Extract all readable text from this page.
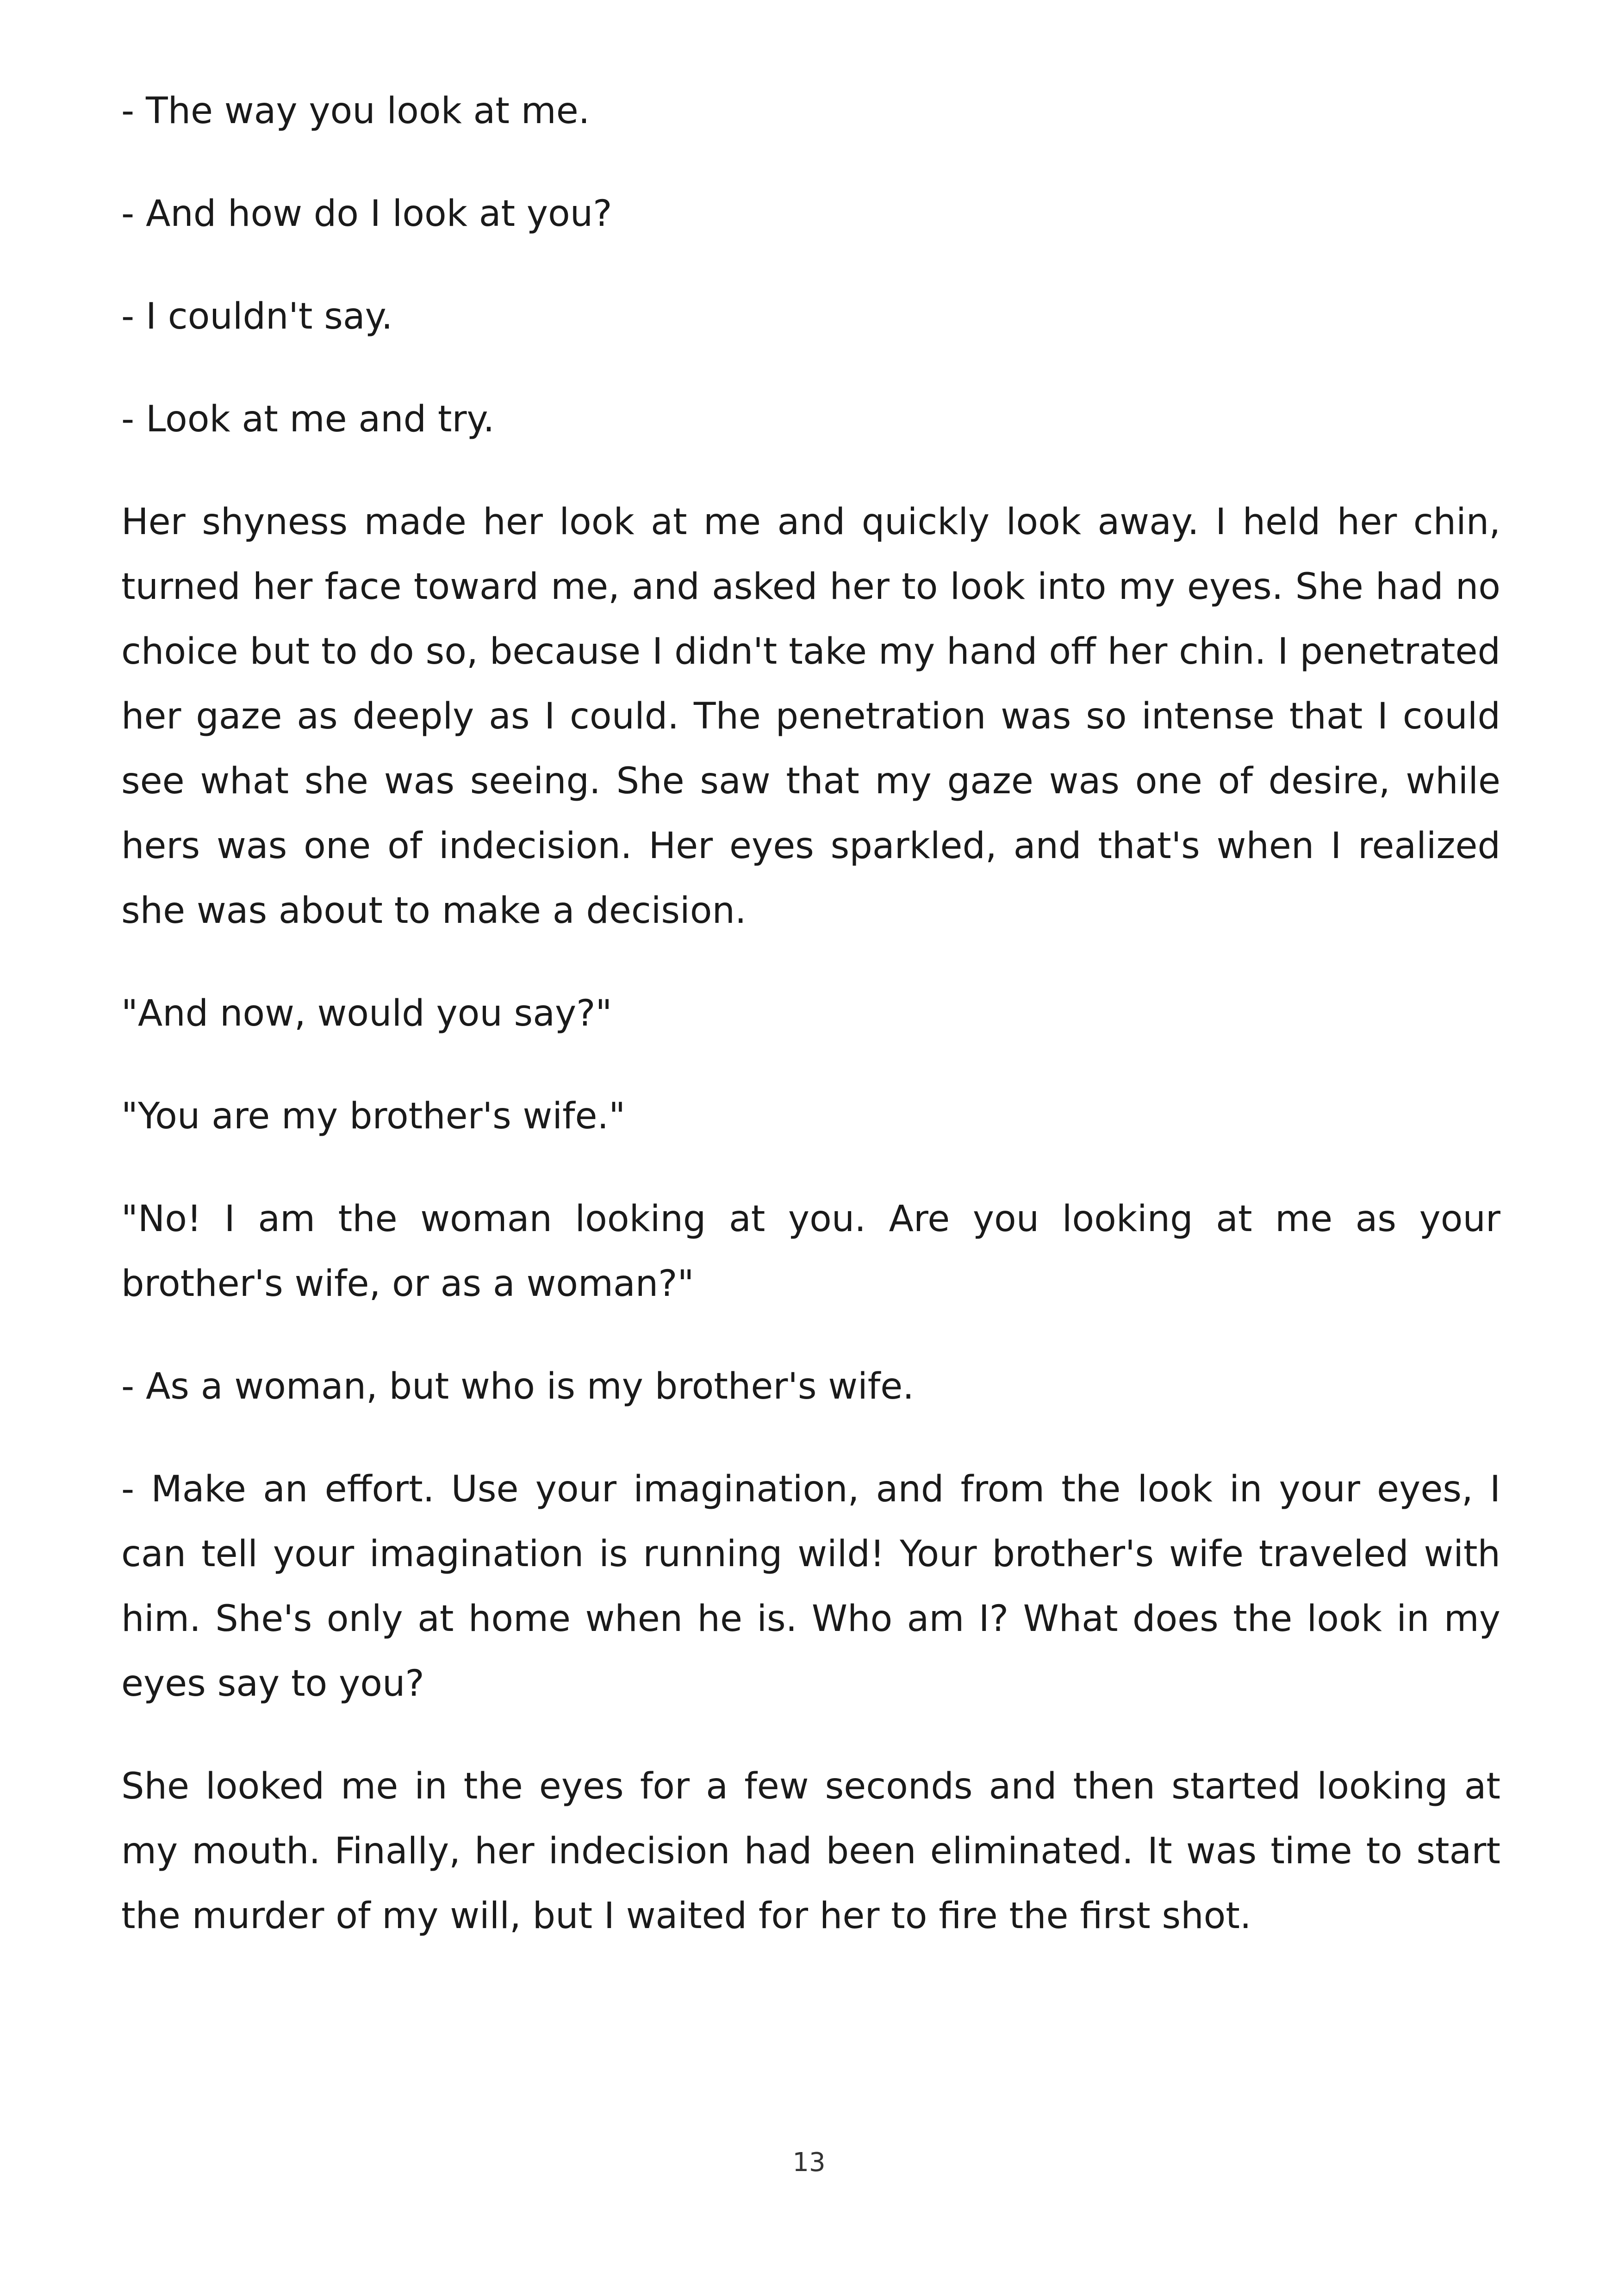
- The way you look at me.

- And how do I look at you?

- I couldn't say.

- Look at me and try.

Her shyness made her look at me and quickly look away. I held her chin, turned her face toward me, and asked her to look into my eyes. She had no choice but to do so, because I didn't take my hand off her chin. I penetrated her gaze as deeply as I could. The penetration was so intense that I could see what she was seeing. She saw that my gaze was one of desire, while hers was one of indecision. Her eyes sparkled, and that's when I realized she was about to make a decision.

"And now, would you say?"

"You are my brother's wife."

"No! I am the woman looking at you. Are you looking at me as your brother's wife, or as a woman?"

- As a woman, but who is my brother's wife.

- Make an effort. Use your imagination, and from the look in your eyes, I can tell your imagination is running wild! Your brother's wife traveled with him. She's only at home when he is. Who am I? What does the look in my eyes say to you?

She looked me in the eyes for a few seconds and then started looking at my mouth. Finally, her indecision had been eliminated. It was time to start the murder of my will, but I waited for her to fire the first shot.

13
